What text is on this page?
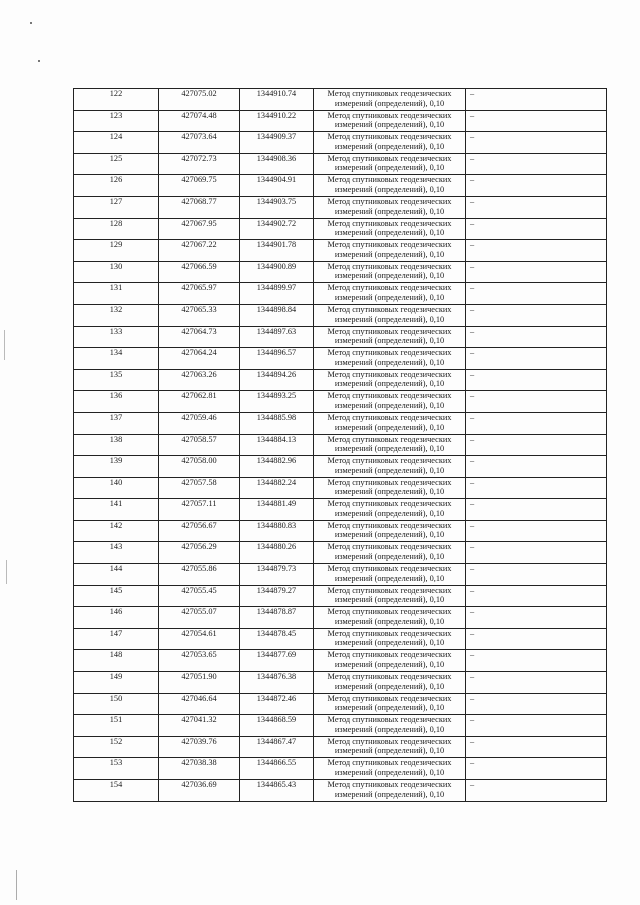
122	427075.02	1344910.74	Метод спутниковых геодезических
измерений (определений), 0,10	–
123	427074.48	1344910.22	Метод спутниковых геодезических
измерений (определений), 0,10	–
124	427073.64	1344909.37	Метод спутниковых геодезических
измерений (определений), 0,10	–
125	427072.73	1344908.36	Метод спутниковых геодезических
измерений (определений), 0,10	–
126	427069.75	1344904.91	Метод спутниковых геодезических
измерений (определений), 0,10	–
127	427068.77	1344903.75	Метод спутниковых геодезических
измерений (определений), 0,10	–
128	427067.95	1344902.72	Метод спутниковых геодезических
измерений (определений), 0,10	–
129	427067.22	1344901.78	Метод спутниковых геодезических
измерений (определений), 0,10	–
130	427066.59	1344900.89	Метод спутниковых геодезических
измерений (определений), 0,10	–
131	427065.97	1344899.97	Метод спутниковых геодезических
измерений (определений), 0,10	–
132	427065.33	1344898.84	Метод спутниковых геодезических
измерений (определений), 0,10	–
133	427064.73	1344897.63	Метод спутниковых геодезических
измерений (определений), 0,10	–
134	427064.24	1344896.57	Метод спутниковых геодезических
измерений (определений), 0,10	–
135	427063.26	1344894.26	Метод спутниковых геодезических
измерений (определений), 0,10	–
136	427062.81	1344893.25	Метод спутниковых геодезических
измерений (определений), 0,10	–
137	427059.46	1344885.98	Метод спутниковых геодезических
измерений (определений), 0,10	–
138	427058.57	1344884.13	Метод спутниковых геодезических
измерений (определений), 0,10	–
139	427058.00	1344882.96	Метод спутниковых геодезических
измерений (определений), 0,10	–
140	427057.58	1344882.24	Метод спутниковых геодезических
измерений (определений), 0,10	–
141	427057.11	1344881.49	Метод спутниковых геодезических
измерений (определений), 0,10	–
142	427056.67	1344880.83	Метод спутниковых геодезических
измерений (определений), 0,10	–
143	427056.29	1344880.26	Метод спутниковых геодезических
измерений (определений), 0,10	–
144	427055.86	1344879.73	Метод спутниковых геодезических
измерений (определений), 0,10	–
145	427055.45	1344879.27	Метод спутниковых геодезических
измерений (определений), 0,10	–
146	427055.07	1344878.87	Метод спутниковых геодезических
измерений (определений), 0,10	–
147	427054.61	1344878.45	Метод спутниковых геодезических
измерений (определений), 0,10	–
148	427053.65	1344877.69	Метод спутниковых геодезических
измерений (определений), 0,10	–
149	427051.90	1344876.38	Метод спутниковых геодезических
измерений (определений), 0,10	–
150	427046.64	1344872.46	Метод спутниковых геодезических
измерений (определений), 0,10	–
151	427041.32	1344868.59	Метод спутниковых геодезических
измерений (определений), 0,10	–
152	427039.76	1344867.47	Метод спутниковых геодезических
измерений (определений), 0,10	–
153	427038.38	1344866.55	Метод спутниковых геодезических
измерений (определений), 0,10	–
154	427036.69	1344865.43	Метод спутниковых геодезических
измерений (определений), 0,10	–
